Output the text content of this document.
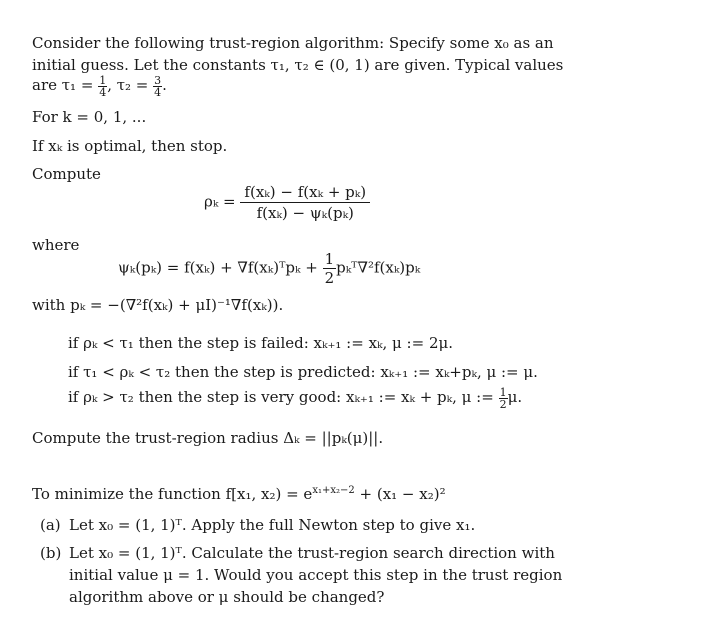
Consider the following trust-region algorithm: Specify some x₀ as an
initial guess. Let the constants τ₁, τ₂ ∈ (0, 1) are given. Typical values
are $\tau_1 = \frac{1}{4}$ , $\tau_2 = \frac{3}{4}$ .
For k = 0, 1, ...
If xₖ is optimal, then stop.
Compute
$\rho_k = \frac{\text{f(xₖ) − f(xₖ + pₖ)}}{\text{f(xₖ) − ψₖ(pₖ)}}$
where
ψₖ(pₖ) = f(xₖ) + ∇f(xₖ)ᵀpₖ + $\frac{1}{2}$ pₖᵀ∇²f(xₖ)pₖ
with pₖ = −(∇²f(xₖ) + μI)⁻¹∇f(xₖ)).
if ρₖ < τ₁ then the step is failed: xₖ₊₁ := xₖ, μ := 2μ.
if τ₁ < ρₖ < τ₂ then the step is predicted: xₖ₊₁ := xₖ+pₖ, μ := μ.
if ρₖ > τ₂ then the step is very good: xₖ₊₁ := xₖ + pₖ, μ := $\frac{1}{2} \mu$.
Compute the trust-region radius Δₖ = ||pₖ(μ)||.
To minimize the function f[x₁, $x_2) = e^{x_1+x_2-2} + (x_1 - x_2)^2$
(a) Let x₀ = (1, 1)ᵀ. Apply the full Newton step to give x₁.
(b) Let x₀ = (1, 1)ᵀ. Calculate the trust-region search direction with
initial value μ = 1. Would you accept this step in the trust region
algorithm above or μ should be changed?
